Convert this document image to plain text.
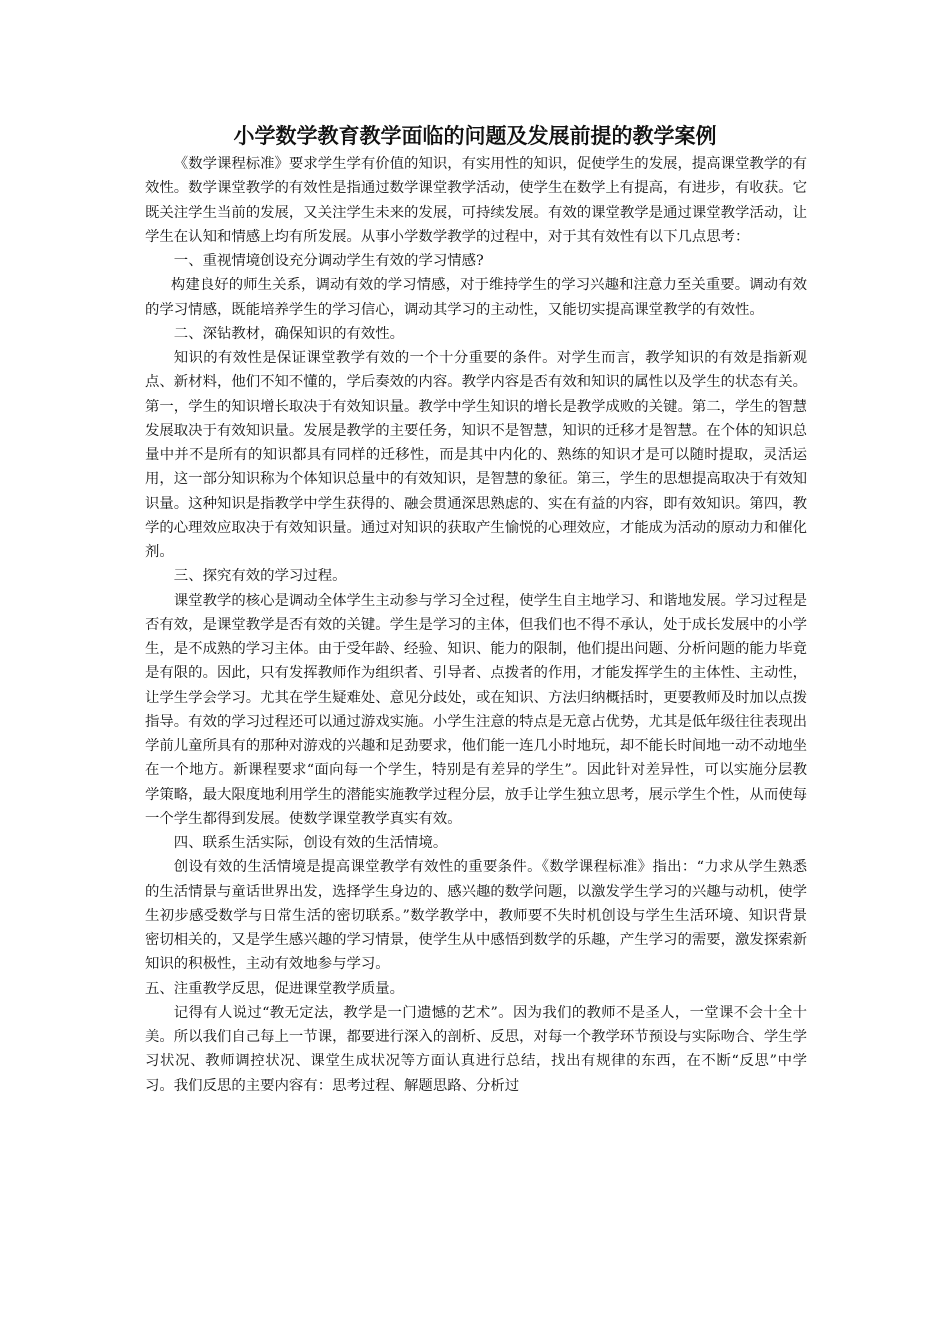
小学数学教育教学面临的问题及发展前提的教学案例

《数学课程标准》要求学生学有价值的知识，有实用性的知识，促使学生的发展，提高课堂教学的有效性。数学课堂教学的有效性是指通过数学课堂教学活动，使学生在数学上有提高，有进步，有收获。它既关注学生当前的发展，又关注学生未来的发展，可持续发展。有效的课堂教学是通过课堂教学活动，让学生在认知和情感上均有所发展。从事小学数学教学的过程中，对于其有效性有以下几点思考：

一、重视情境创设充分调动学生有效的学习情感?

构建良好的师生关系，调动有效的学习情感，对于维持学生的学习兴趣和注意力至关重要。调动有效的学习情感，既能培养学生的学习信心，调动其学习的主动性，又能切实提高课堂教学的有效性。

二、深钻教材，确保知识的有效性。

知识的有效性是保证课堂教学有效的一个十分重要的条件。对学生而言，教学知识的有效是指新观点、新材料，他们不知不懂的，学后奏效的内容。教学内容是否有效和知识的属性以及学生的状态有关。第一，学生的知识增长取决于有效知识量。教学中学生知识的增长是教学成败的关键。第二，学生的智慧发展取决于有效知识量。发展是教学的主要任务，知识不是智慧，知识的迁移才是智慧。在个体的知识总量中并不是所有的知识都具有同样的迁移性，而是其中内化的、熟练的知识才是可以随时提取，灵活运用，这一部分知识称为个体知识总量中的有效知识，是智慧的象征。第三，学生的思想提高取决于有效知识量。这种知识是指教学中学生获得的、融会贯通深思熟虑的、实在有益的内容，即有效知识。第四，教学的心理效应取决于有效知识量。通过对知识的获取产生愉悦的心理效应，才能成为活动的原动力和催化剂。

三、探究有效的学习过程。

课堂教学的核心是调动全体学生主动参与学习全过程，使学生自主地学习、和谐地发展。学习过程是否有效，是课堂教学是否有效的关键。学生是学习的主体，但我们也不得不承认，处于成长发展中的小学生，是不成熟的学习主体。由于受年龄、经验、知识、能力的限制，他们提出问题、分析问题的能力毕竟是有限的。因此，只有发挥教师作为组织者、引导者、点拨者的作用，才能发挥学生的主体性、主动性，让学生学会学习。尤其在学生疑难处、意见分歧处，或在知识、方法归纳概括时，更要教师及时加以点拨指导。有效的学习过程还可以通过游戏实施。小学生注意的特点是无意占优势，尤其是低年级往往表现出学前儿童所具有的那种对游戏的兴趣和足劲要求，他们能一连几小时地玩，却不能长时间地一动不动地坐在一个地方。新课程要求“面向每一个学生，特别是有差异的学生”。因此针对差异性，可以实施分层教学策略，最大限度地利用学生的潜能实施教学过程分层，放手让学生独立思考，展示学生个性，从而使每一个学生都得到发展。使数学课堂教学真实有效。

四、联系生活实际，创设有效的生活情境。

创设有效的生活情境是提高课堂教学有效性的重要条件。《数学课程标准》指出：“力求从学生熟悉的生活情景与童话世界出发，选择学生身边的、感兴趣的数学问题，以激发学生学习的兴趣与动机，使学生初步感受数学与日常生活的密切联系。”数学教学中，教师要不失时机创设与学生生活环境、知识背景密切相关的，又是学生感兴趣的学习情景，使学生从中感悟到数学的乐趣，产生学习的需要，激发探索新知识的积极性，主动有效地参与学习。

五、注重教学反思，促进课堂教学质量。

记得有人说过“教无定法，教学是一门遗憾的艺术”。因为我们的教师不是圣人，一堂课不会十全十美。所以我们自己每上一节课，都要进行深入的剖析、反思，对每一个教学环节预设与实际吻合、学生学习状况、教师调控状况、课堂生成状况等方面认真进行总结，找出有规律的东西，在不断“反思”中学习。我们反思的主要内容有：思考过程、解题思路、分析过
